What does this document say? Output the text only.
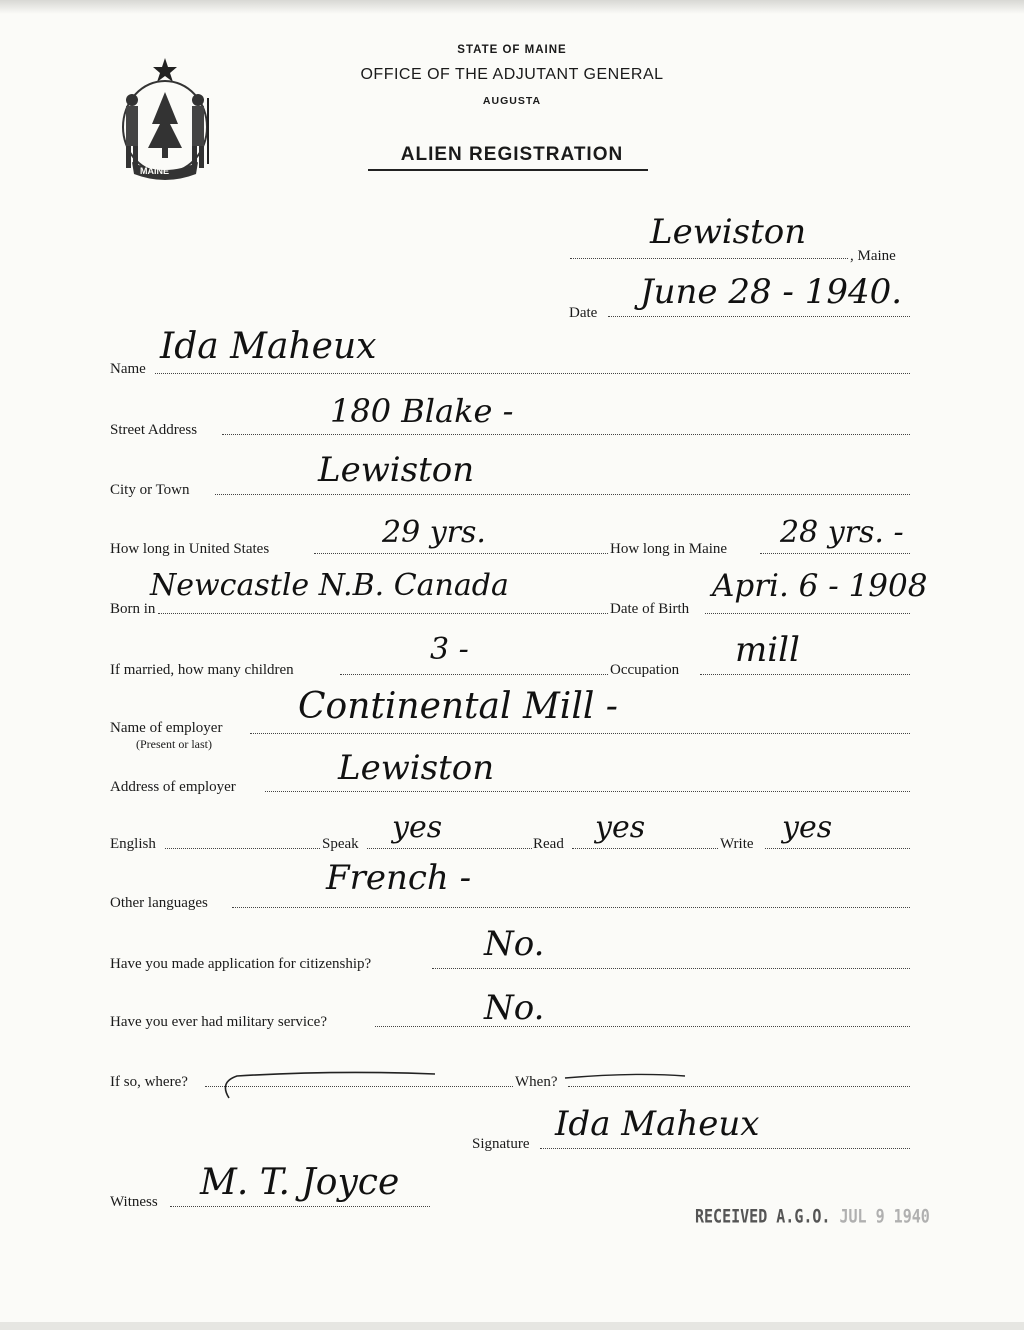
MAINE
STATE OF MAINE
OFFICE OF THE ADJUTANT GENERAL
AUGUSTA
ALIEN REGISTRATION
Lewiston
, Maine
Date
June 28 - 1940.
Name
Ida Maheux
Street Address	180 Blake -
City or Town	Lewiston
How long in United States	29 yrs.	How long in Maine 28 yrs. -
Born in
Newcastle N.B. Canada
Date of Birth
Apri. 6 - 1908
If married, how many children
3 -
Occupation mill
Name of employer
(Present or last)
Continental Mill -
Address of employer	Lewiston
English	Speak yes	Read yes	Write yes
Other languages
French -
Have you made application for citizenship?	No.
Have you ever had military service?	No.
If so, where?	When?
Signature Ida Maheux
Witness M. T. Joyce
RECEIVED A.G.O. JUL 9 1940
